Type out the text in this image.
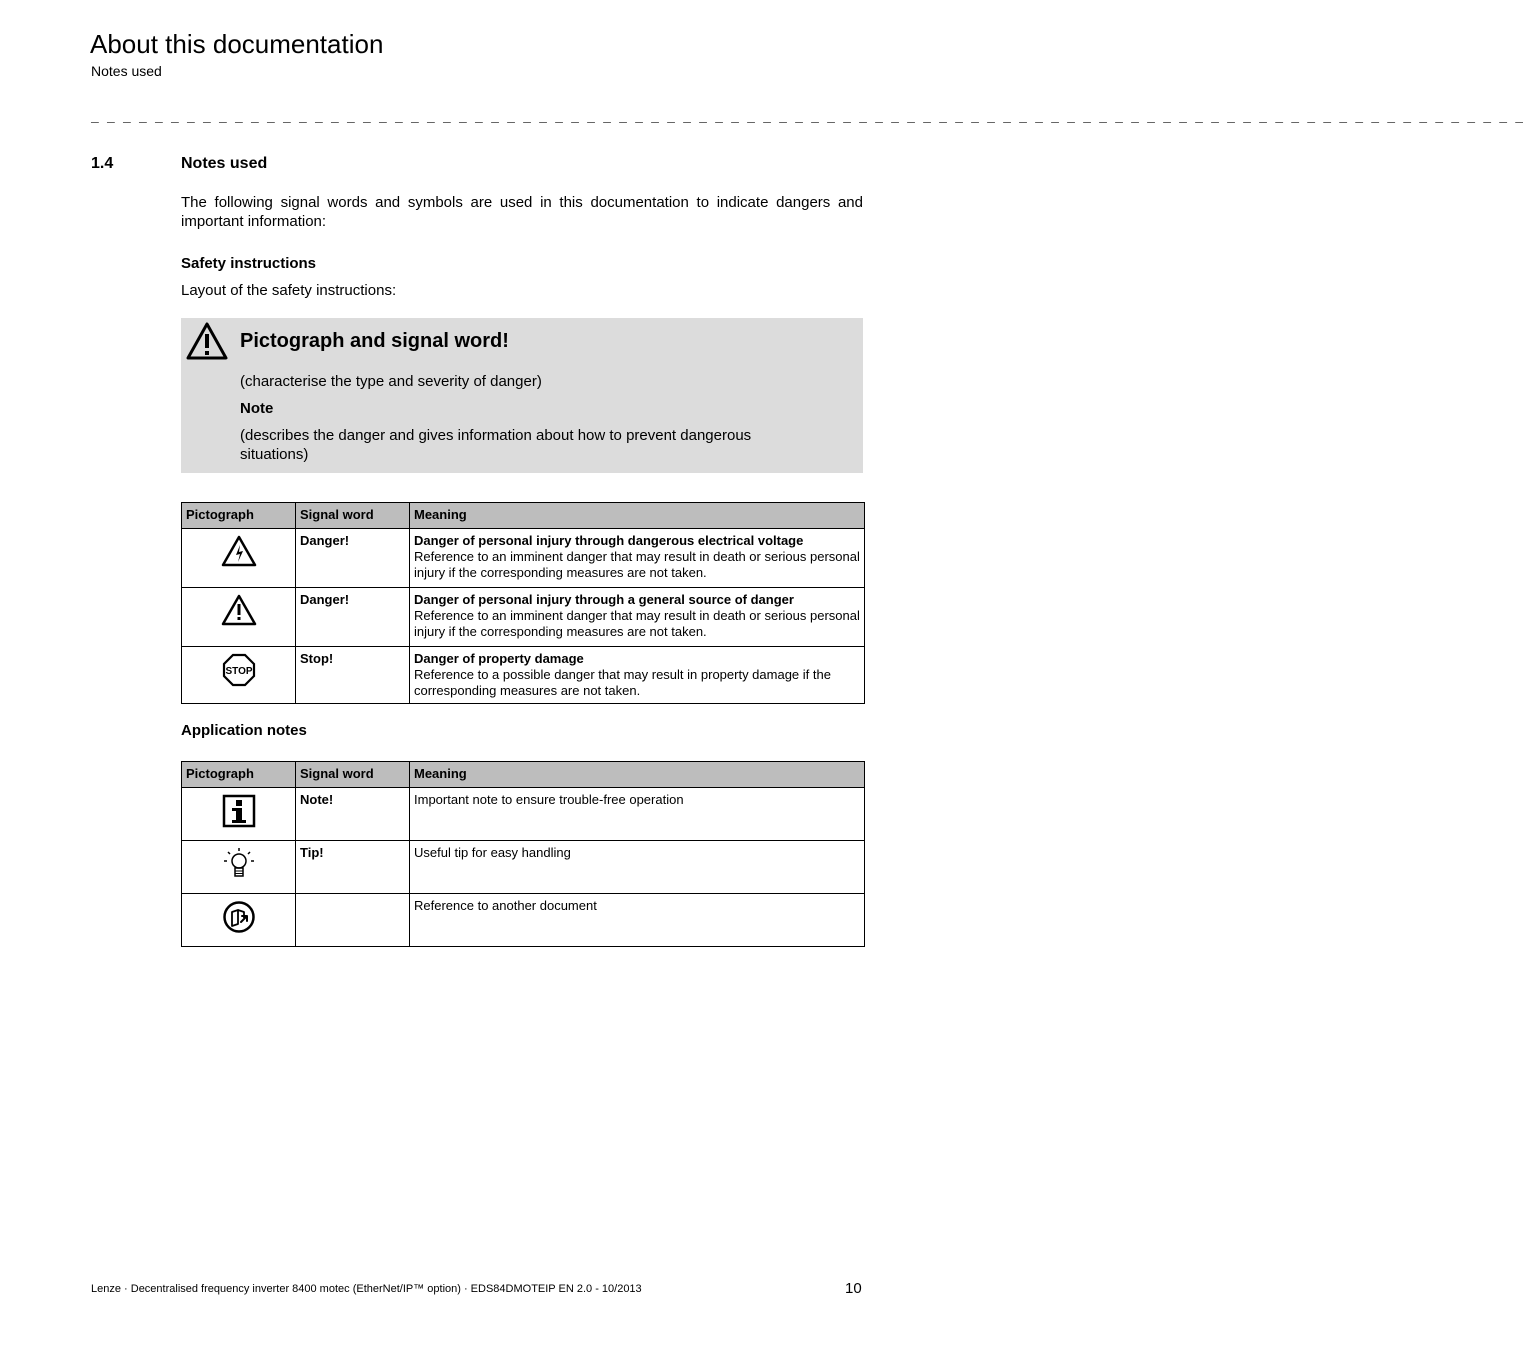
About this documentation
Notes used
_ _ _ _ _ _ _ _ _ _ _ _ _ _ _ _ _ _ _ _ _ _ _ _ _ _ _ _ _ _ _ _ _ _ _ _ _ _ _ _ _ _ _ _ _ _ _ _ _ _ _ _ _ _ _ _ _ _ _ _ _ _ _ _ _ _ _ _ _ _ _ _ _ _ _ _ _ _ _ _ _ _ _ _ _ _ _ _ _ _
1.4	Notes used
The following signal words and symbols are used in this documentation to indicate dangers and important information:
Safety instructions
Layout of the safety instructions:
Pictograph and signal word!
(characterise the type and severity of danger)
Note
(describes the danger and gives information about how to prevent dangerous situations)
Pictograph	Signal word	Meaning
	Danger!	Danger of personal injury through dangerous electrical voltage
Reference to an imminent danger that may result in death or serious personal injury if the corresponding measures are not taken.

	Danger!	Danger of personal injury through a general source of danger
Reference to an imminent danger that may result in death or serious personal injury if the corresponding measures are not taken.

STOP	Stop!	Danger of property damage
Reference to a possible danger that may result in property damage if the corresponding measures are not taken.
Application notes
Pictograph	Signal word	Meaning
	Note!	Important note to ensure trouble-free operation
	Tip!	Useful tip for easy handling
		Reference to another document
Lenze · Decentralised frequency inverter 8400 motec (EtherNet/IP™ option) · EDS84DMOTEIP EN 2.0 - 10/2013	10
